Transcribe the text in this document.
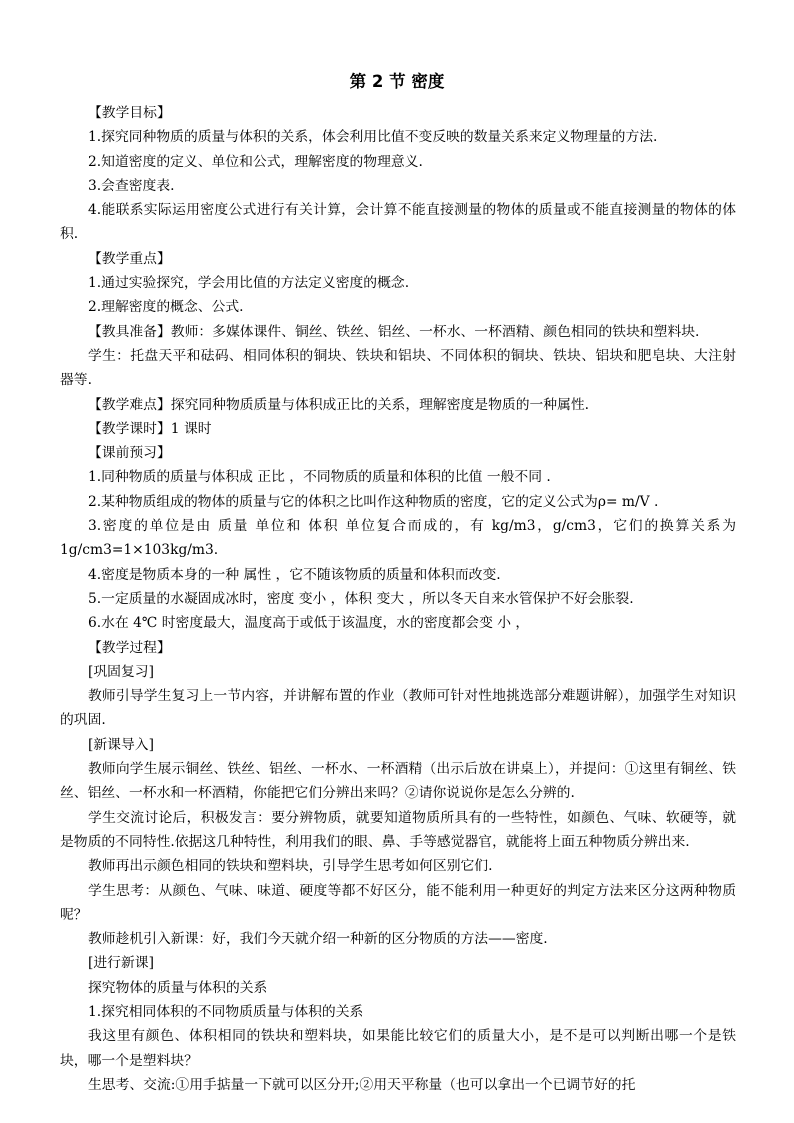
第 2 节 密度

【教学目标】

1.探究同种物质的质量与体积的关系，体会利用比值不变反映的数量关系来定义物理量的方法.

2.知道密度的定义、单位和公式，理解密度的物理意义.

3.会查密度表.

4.能联系实际运用密度公式进行有关计算，会计算不能直接测量的物体的质量或不能直接测量的物体的体积.

【教学重点】

1.通过实验探究，学会用比值的方法定义密度的概念.

2.理解密度的概念、公式.

【教具准备】教师：多媒体课件、铜丝、铁丝、铝丝、一杯水、一杯酒精、颜色相同的铁块和塑料块.

学生：托盘天平和砝码、相同体积的铜块、铁块和铝块、不同体积的铜块、铁块、铝块和肥皂块、大注射器等.

【教学难点】探究同种物质质量与体积成正比的关系，理解密度是物质的一种属性.

【教学课时】1 课时

【课前预习】

1.同种物质的质量与体积成 正比 ，不同物质的质量和体积的比值 一般不同 .

2.某种物质组成的物体的质量与它的体积之比叫作这种物质的密度，它的定义公式为ρ= m/V .

3.密度的单位是由 质量 单位和 体积 单位复合而成的，有 kg/m3，g/cm3，它们的换算关系为 1g/cm3=1×103kg/m3.

4.密度是物质本身的一种 属性 ，它不随该物质的质量和体积而改变.

5.一定质量的水凝固成冰时，密度 变小 ，体积 变大 ，所以冬天自来水管保护不好会胀裂.

6.水在 4℃ 时密度最大，温度高于或低于该温度，水的密度都会变 小 ，

【教学过程】

[巩固复习]

教师引导学生复习上一节内容，并讲解布置的作业（教师可针对性地挑选部分难题讲解），加强学生对知识的巩固.

[新课导入]

教师向学生展示铜丝、铁丝、铝丝、一杯水、一杯酒精（出示后放在讲桌上），并提问：①这里有铜丝、铁丝、铝丝、一杯水和一杯酒精，你能把它们分辨出来吗？②请你说说你是怎么分辨的.

学生交流讨论后，积极发言：要分辨物质，就要知道物质所具有的一些特性，如颜色、气味、软硬等，就是物质的不同特性.依据这几种特性，利用我们的眼、鼻、手等感觉器官，就能将上面五种物质分辨出来.

教师再出示颜色相同的铁块和塑料块，引导学生思考如何区别它们.

学生思考：从颜色、气味、味道、硬度等都不好区分，能不能利用一种更好的判定方法来区分这两种物质呢？

教师趁机引入新课：好，我们今天就介绍一种新的区分物质的方法——密度.

[进行新课]

探究物体的质量与体积的关系

1.探究相同体积的不同物质质量与体积的关系

我这里有颜色、体积相同的铁块和塑料块，如果能比较它们的质量大小，是不是可以判断出哪一个是铁块，哪一个是塑料块？

生思考、交流:①用手掂量一下就可以区分开;②用天平称量（也可以拿出一个已调节好的托
